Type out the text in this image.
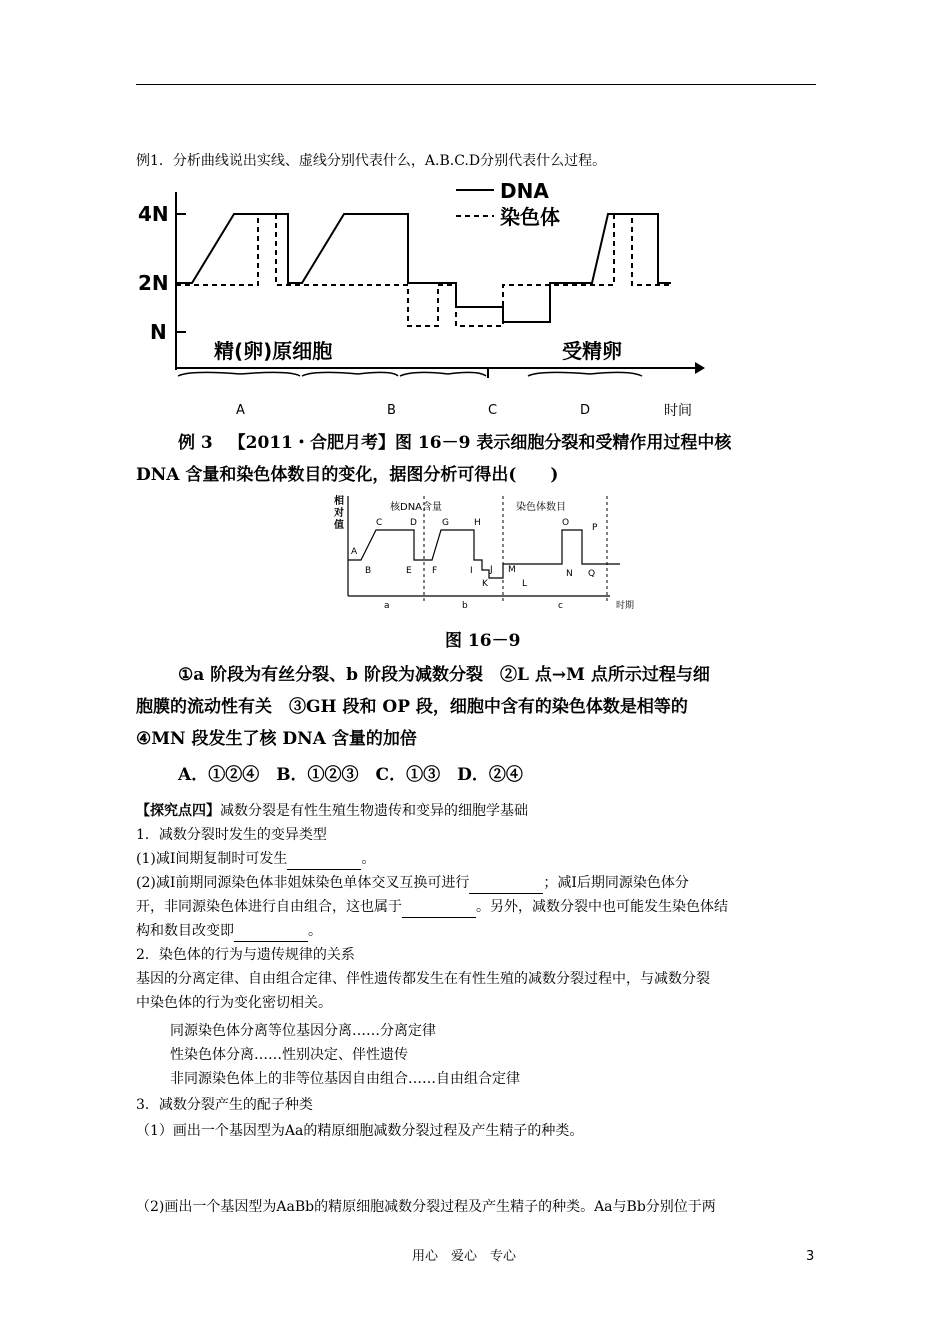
例1．分析曲线说出实线、虚线分别代表什么，A.B.C.D分别代表什么过程。
4N
2N
N
DNA
染色体
精(卵)原细胞	受精卵
A	B	C	D	时间
例 3 【2011・合肥月考】图 16－9 表示细胞分裂和受精作用过程中核
DNA 含量和染色体数目的变化，据图分析可得出(　　)
相
对
值
核DNA含量	染色体数目
A
B
C	D
E F
G	H
I J
K	L
M	N
O	P
Q
a	b	c	时期
图 16－9
①a 阶段为有丝分裂、b 阶段为减数分裂　②L 点→M 点所示过程与细
胞膜的流动性有关　③GH 段和 OP 段，细胞中含有的染色体数是相等的
④MN 段发生了核 DNA 含量的加倍
A．①②④　B．①②③　C．①③　D．②④
【探究点四】减数分裂是有性生殖生物遗传和变异的细胞学基础
1．减数分裂时发生的变异类型
(1)减Ⅰ间期复制时可发生	。
(2)减Ⅰ前期同源染色体非姐妹染色单体交叉互换可进行	；减Ⅰ后期同源染色体分
开，非同源染色体进行自由组合，这也属于	。另外，减数分裂中也可能发生染色体结
构和数目改变即	。
2．染色体的行为与遗传规律的关系
基因的分离定律、自由组合定律、伴性遗传都发生在有性生殖的减数分裂过程中，与减数分裂
中染色体的行为变化密切相关。
同源染色体分离等位基因分离……分离定律
性染色体分离……性别决定、伴性遗传
非同源染色体上的非等位基因自由组合……自由组合定律
3．减数分裂产生的配子种类
（1）画出一个基因型为Aa的精原细胞减数分裂过程及产生精子的种类。
（2)画出一个基因型为AaBb的精原细胞减数分裂过程及产生精子的种类。Aa与Bb分别位于两
用心　爱心　专心	3
